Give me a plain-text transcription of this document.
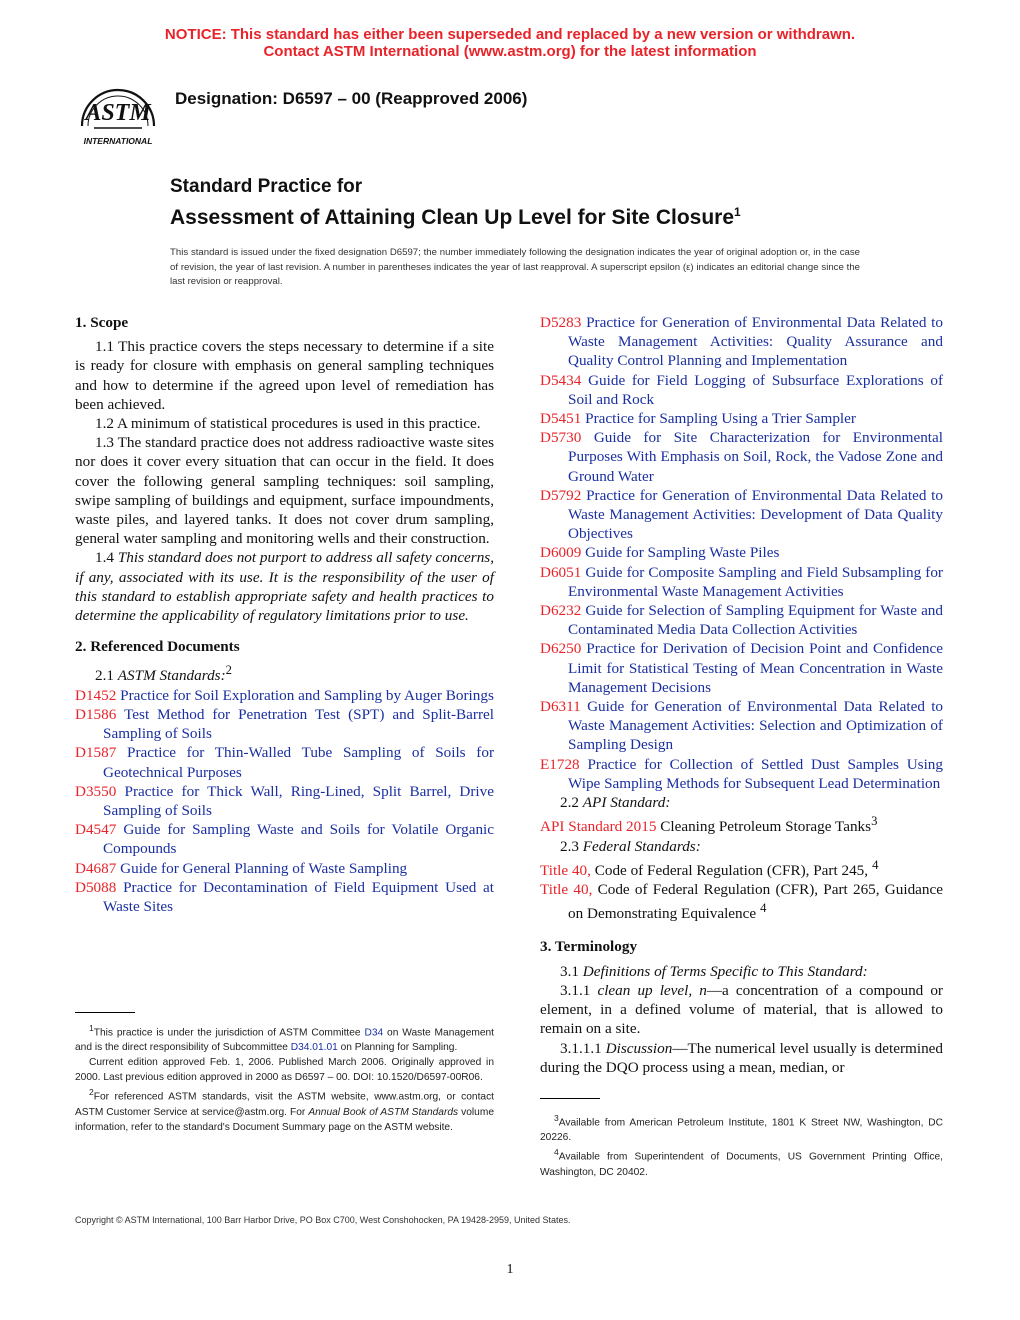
NOTICE: This standard has either been superseded and replaced by a new version or withdrawn.
Contact ASTM International (www.astm.org) for the latest information
ASTM
INTERNATIONAL
Designation: D6597 – 00 (Reapproved 2006)
Standard Practice for
Assessment of Attaining Clean Up Level for Site Closure$^1$
This standard is issued under the fixed designation D6597; the number immediately following the designation indicates the year of original adoption or, in the case of revision, the year of last revision. A number in parentheses indicates the year of last reapproval. A superscript epsilon (ε) indicates an editorial change since the last revision or reapproval.
1. Scope

1.1 This practice covers the steps necessary to determine if a site is ready for closure with emphasis on general sampling techniques and how to determine if the agreed upon level of remediation has been achieved.

1.2 A minimum of statistical procedures is used in this practice.

1.3 The standard practice does not address radioactive waste sites nor does it cover every situation that can occur in the field. It does cover the following general sampling techniques: soil sampling, swipe sampling of buildings and equipment, surface impoundments, waste piles, and layered tanks. It does not cover drum sampling, general water sampling and monitoring wells and their construction.

1.4 This standard does not purport to address all safety concerns, if any, associated with its use. It is the responsibility of the user of this standard to establish appropriate safety and health practices to determine the applicability of regulatory limitations prior to use.

2. Referenced Documents

2.1 ASTM Standards:$^2$

D1452 Practice for Soil Exploration and Sampling by Auger Borings

D1586 Test Method for Penetration Test (SPT) and Split-Barrel Sampling of Soils

D1587 Practice for Thin-Walled Tube Sampling of Soils for Geotechnical Purposes

D3550 Practice for Thick Wall, Ring-Lined, Split Barrel, Drive Sampling of Soils

D4547 Guide for Sampling Waste and Soils for Volatile Organic Compounds

D4687 Guide for General Planning of Waste Sampling

D5088 Practice for Decontamination of Field Equipment Used at Waste Sites

D5283 Practice for Generation of Environmental Data Related to Waste Management Activities: Quality Assurance and Quality Control Planning and Implementation

D5434 Guide for Field Logging of Subsurface Explorations of Soil and Rock

D5451 Practice for Sampling Using a Trier Sampler

D5730 Guide for Site Characterization for Environmental Purposes With Emphasis on Soil, Rock, the Vadose Zone and Ground Water

D5792 Practice for Generation of Environmental Data Related to Waste Management Activities: Development of Data Quality Objectives

D6009 Guide for Sampling Waste Piles

D6051 Guide for Composite Sampling and Field Subsampling for Environmental Waste Management Activities

D6232 Guide for Selection of Sampling Equipment for Waste and Contaminated Media Data Collection Activities

D6250 Practice for Derivation of Decision Point and Confidence Limit for Statistical Testing of Mean Concentration in Waste Management Decisions

D6311 Guide for Generation of Environmental Data Related to Waste Management Activities: Selection and Optimization of Sampling Design

E1728 Practice for Collection of Settled Dust Samples Using Wipe Sampling Methods for Subsequent Lead Determination

2.2 API Standard:

API Standard 2015 Cleaning Petroleum Storage Tanks$^3$

2.3 Federal Standards:

Title 40, Code of Federal Regulation (CFR), Part 245, $^4$

Title 40, Code of Federal Regulation (CFR), Part 265, Guidance on Demonstrating Equivalence $^4$

3. Terminology

3.1 Definitions of Terms Specific to This Standard:

3.1.1 clean up level, n—a concentration of a compound or element, in a defined volume of material, that is allowed to remain on a site.

3.1.1.1 Discussion—The numerical level usually is determined during the DQO process using a mean, median, or

$^1$This practice is under the jurisdiction of ASTM Committee D34 on Waste Management and is the direct responsibility of Subcommittee D34.01.01 on Planning for Sampling.

Current edition approved Feb. 1, 2006. Published March 2006. Originally approved in 2000. Last previous edition approved in 2000 as D6597 – 00. DOI: 10.1520/D6597-00R06.

$^2$For referenced ASTM standards, visit the ASTM website, www.astm.org, or contact ASTM Customer Service at service@astm.org. For Annual Book of ASTM Standards volume information, refer to the standard's Document Summary page on the ASTM website.

$^3$Available from American Petroleum Institute, 1801 K Street NW, Washington, DC 20226.

$^4$Available from Superintendent of Documents, US Government Printing Office, Washington, DC 20402.

Copyright © ASTM International, 100 Barr Harbor Drive, PO Box C700, West Conshohocken, PA 19428-2959, United States.
1
